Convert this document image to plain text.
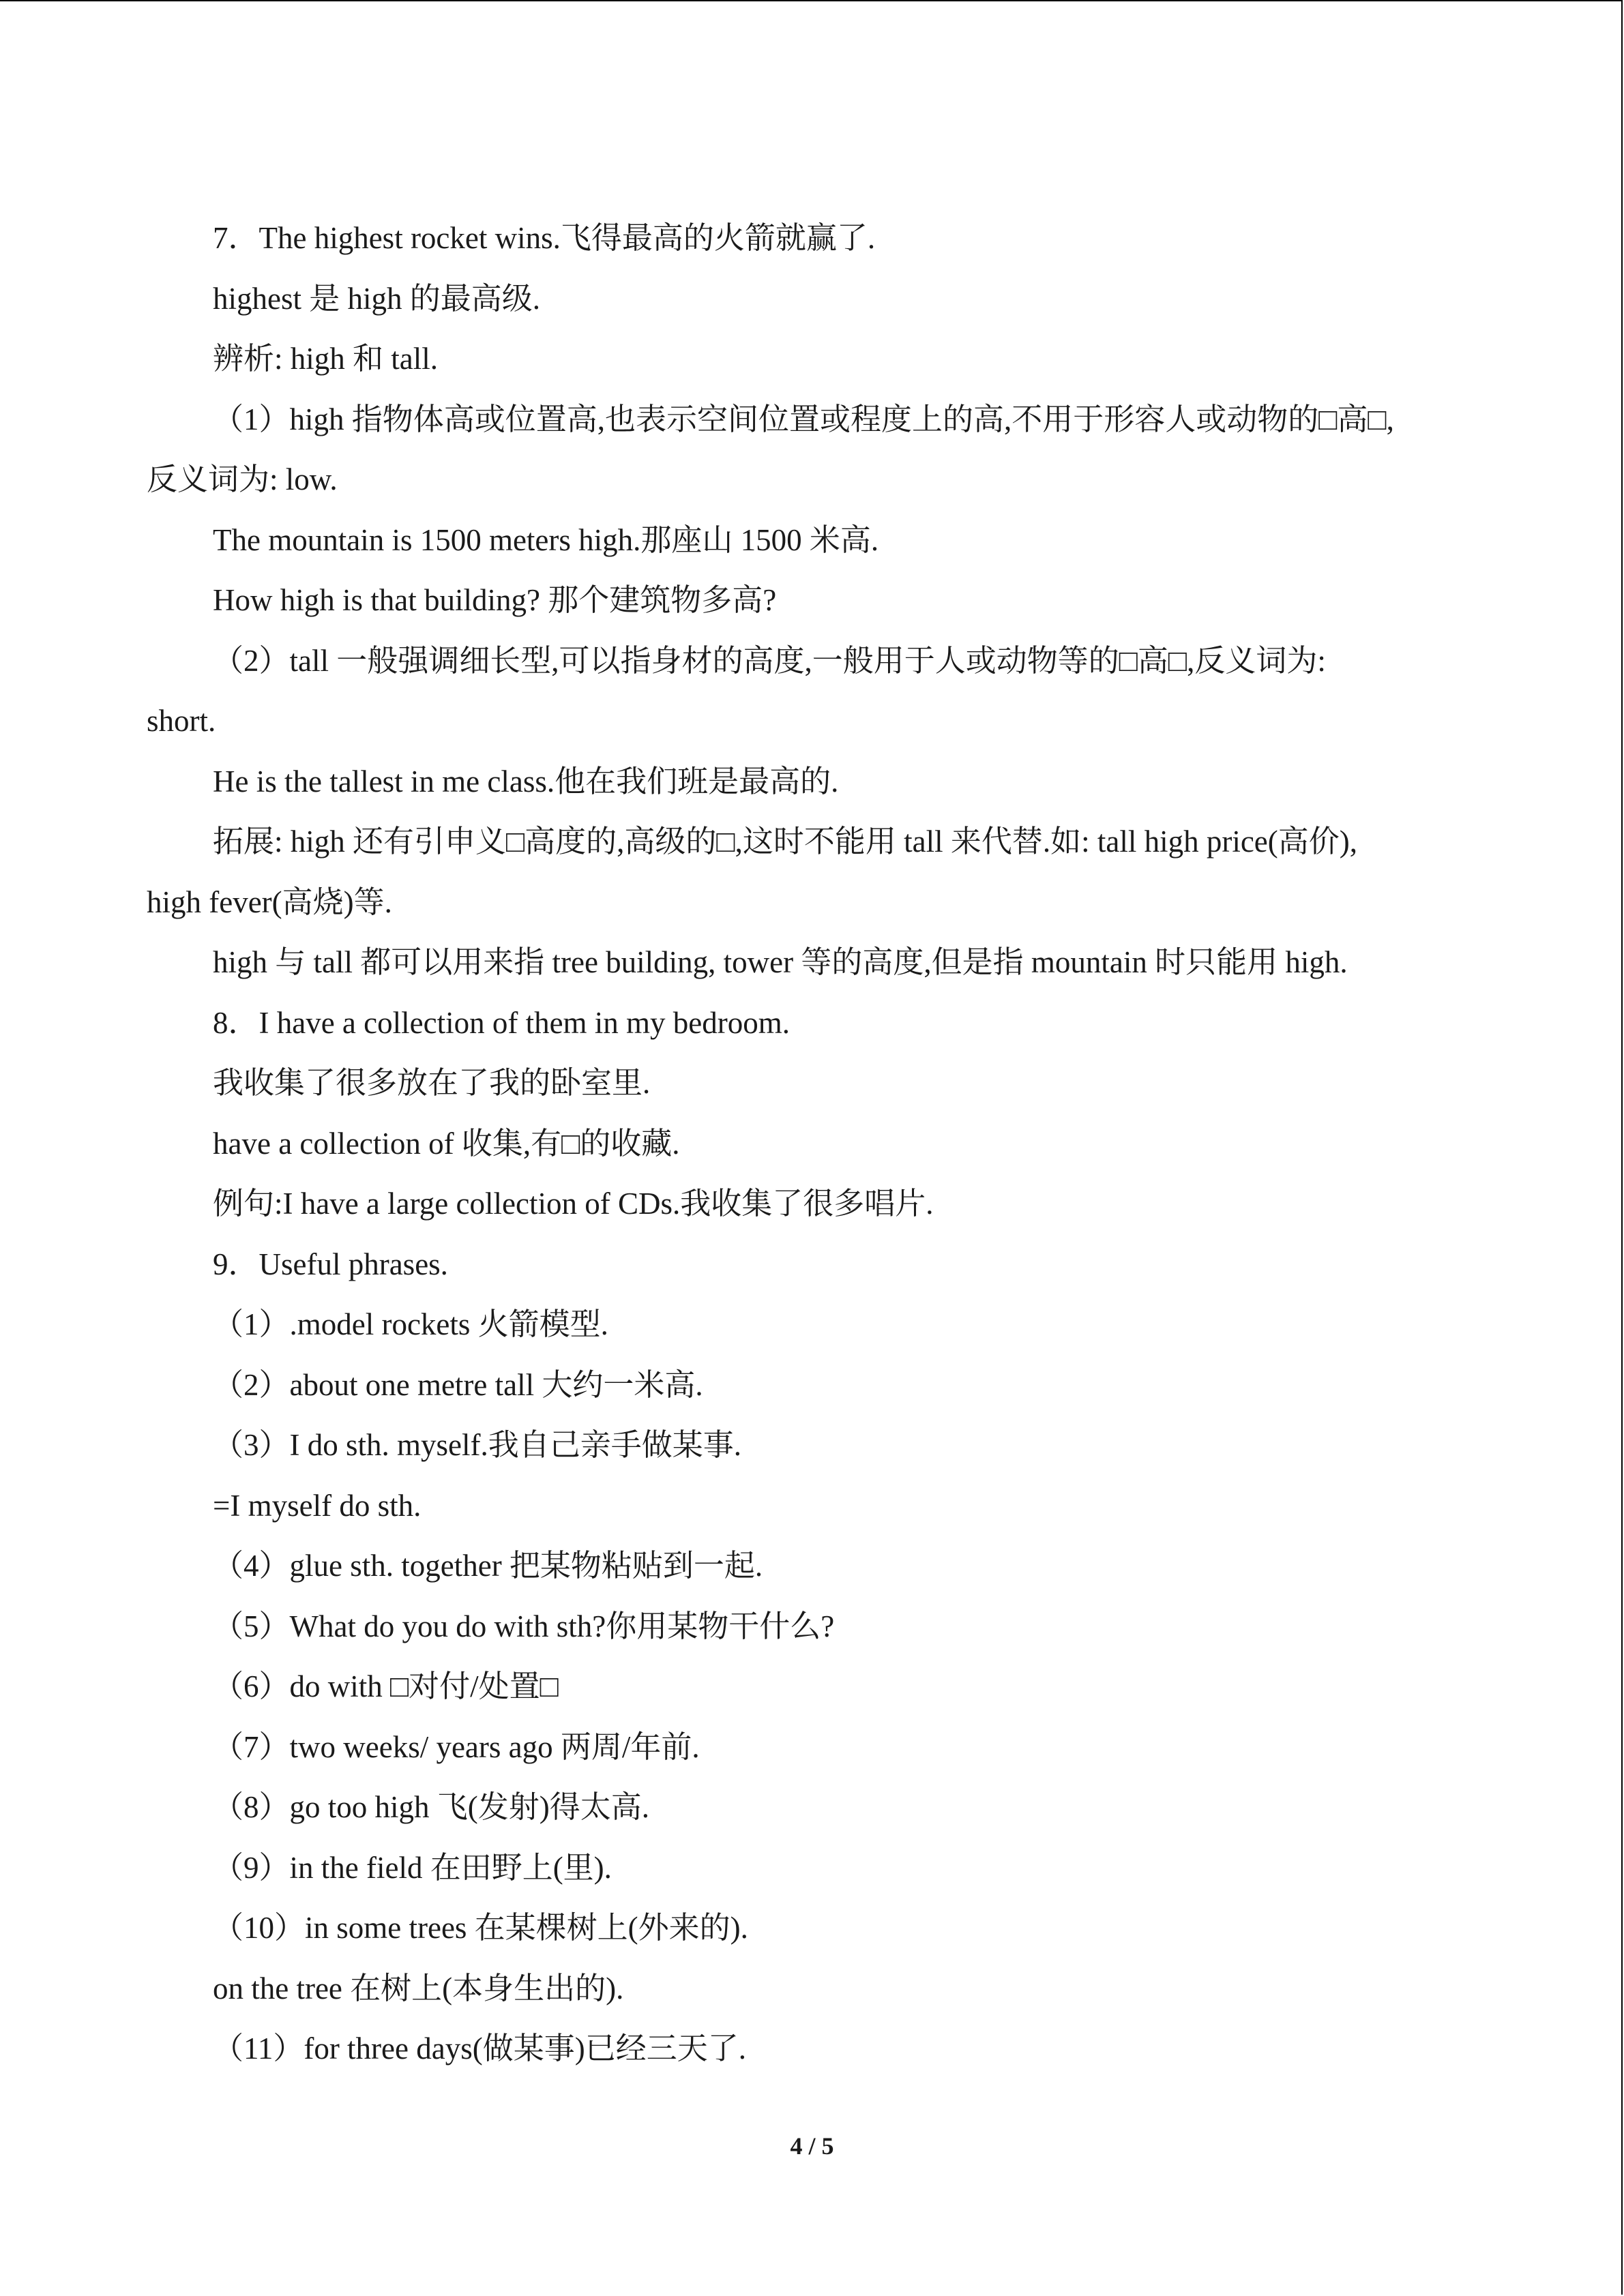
7．The highest rocket wins.飞得最高的火箭就赢了.
highest 是 high 的最高级.
辨析: high 和 tall.
（1）high 指物体高或位置高,也表示空间位置或程度上的高,不用于形容人或动物的□高□,
反义词为: low.
The mountain is 1500 meters high.那座山 1500 米高.
How high is that building? 那个建筑物多高?
（2）tall 一般强调细长型,可以指身材的高度,一般用于人或动物等的□高□,反义词为:
short.
He is the tallest in me class.他在我们班是最高的.
拓展: high 还有引申义□高度的,高级的□,这时不能用 tall 来代替.如: tall high price(高价),
high fever(高烧)等.
high 与 tall 都可以用来指 tree building, tower 等的高度,但是指 mountain 时只能用 high.
8．I have a collection of them in my bedroom.
我收集了很多放在了我的卧室里.
have a collection of 收集,有□的收藏.
例句:I have a large collection of CDs.我收集了很多唱片.
9．Useful phrases.
（1）.model rockets 火箭模型.
（2）about one metre tall 大约一米高.
（3）I do sth. myself.我自己亲手做某事.
=I myself do sth.
（4）glue sth. together 把某物粘贴到一起.
（5）What do you do with sth?你用某物干什么?
（6）do with □对付/处置□
（7）two weeks/ years ago 两周/年前.
（8）go too high 飞(发射)得太高.
（9）in the field 在田野上(里).
（10）in some trees 在某棵树上(外来的).
on the tree 在树上(本身生出的).
（11）for three days(做某事)已经三天了.
4 / 5
